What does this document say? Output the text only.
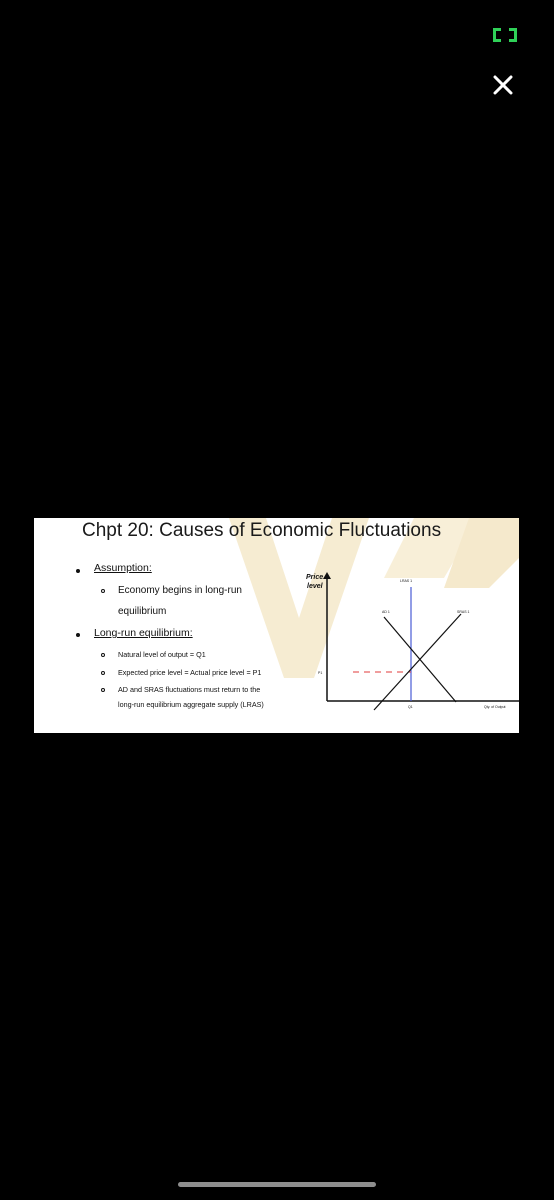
Chpt 20: Causes of Economic Fluctuations
Assumption:
Economy begins in long-run
equilibrium
Long-run equilibrium:
Natural level of output = Q1
Expected price level = Actual price level = P1
AD and SRAS fluctuations must return to the
long-run equilibrium aggregate supply (LRAS)
Price
level
LRAS 1
AD 1	SRAS 1
P1
Q1	Qty. of Output
